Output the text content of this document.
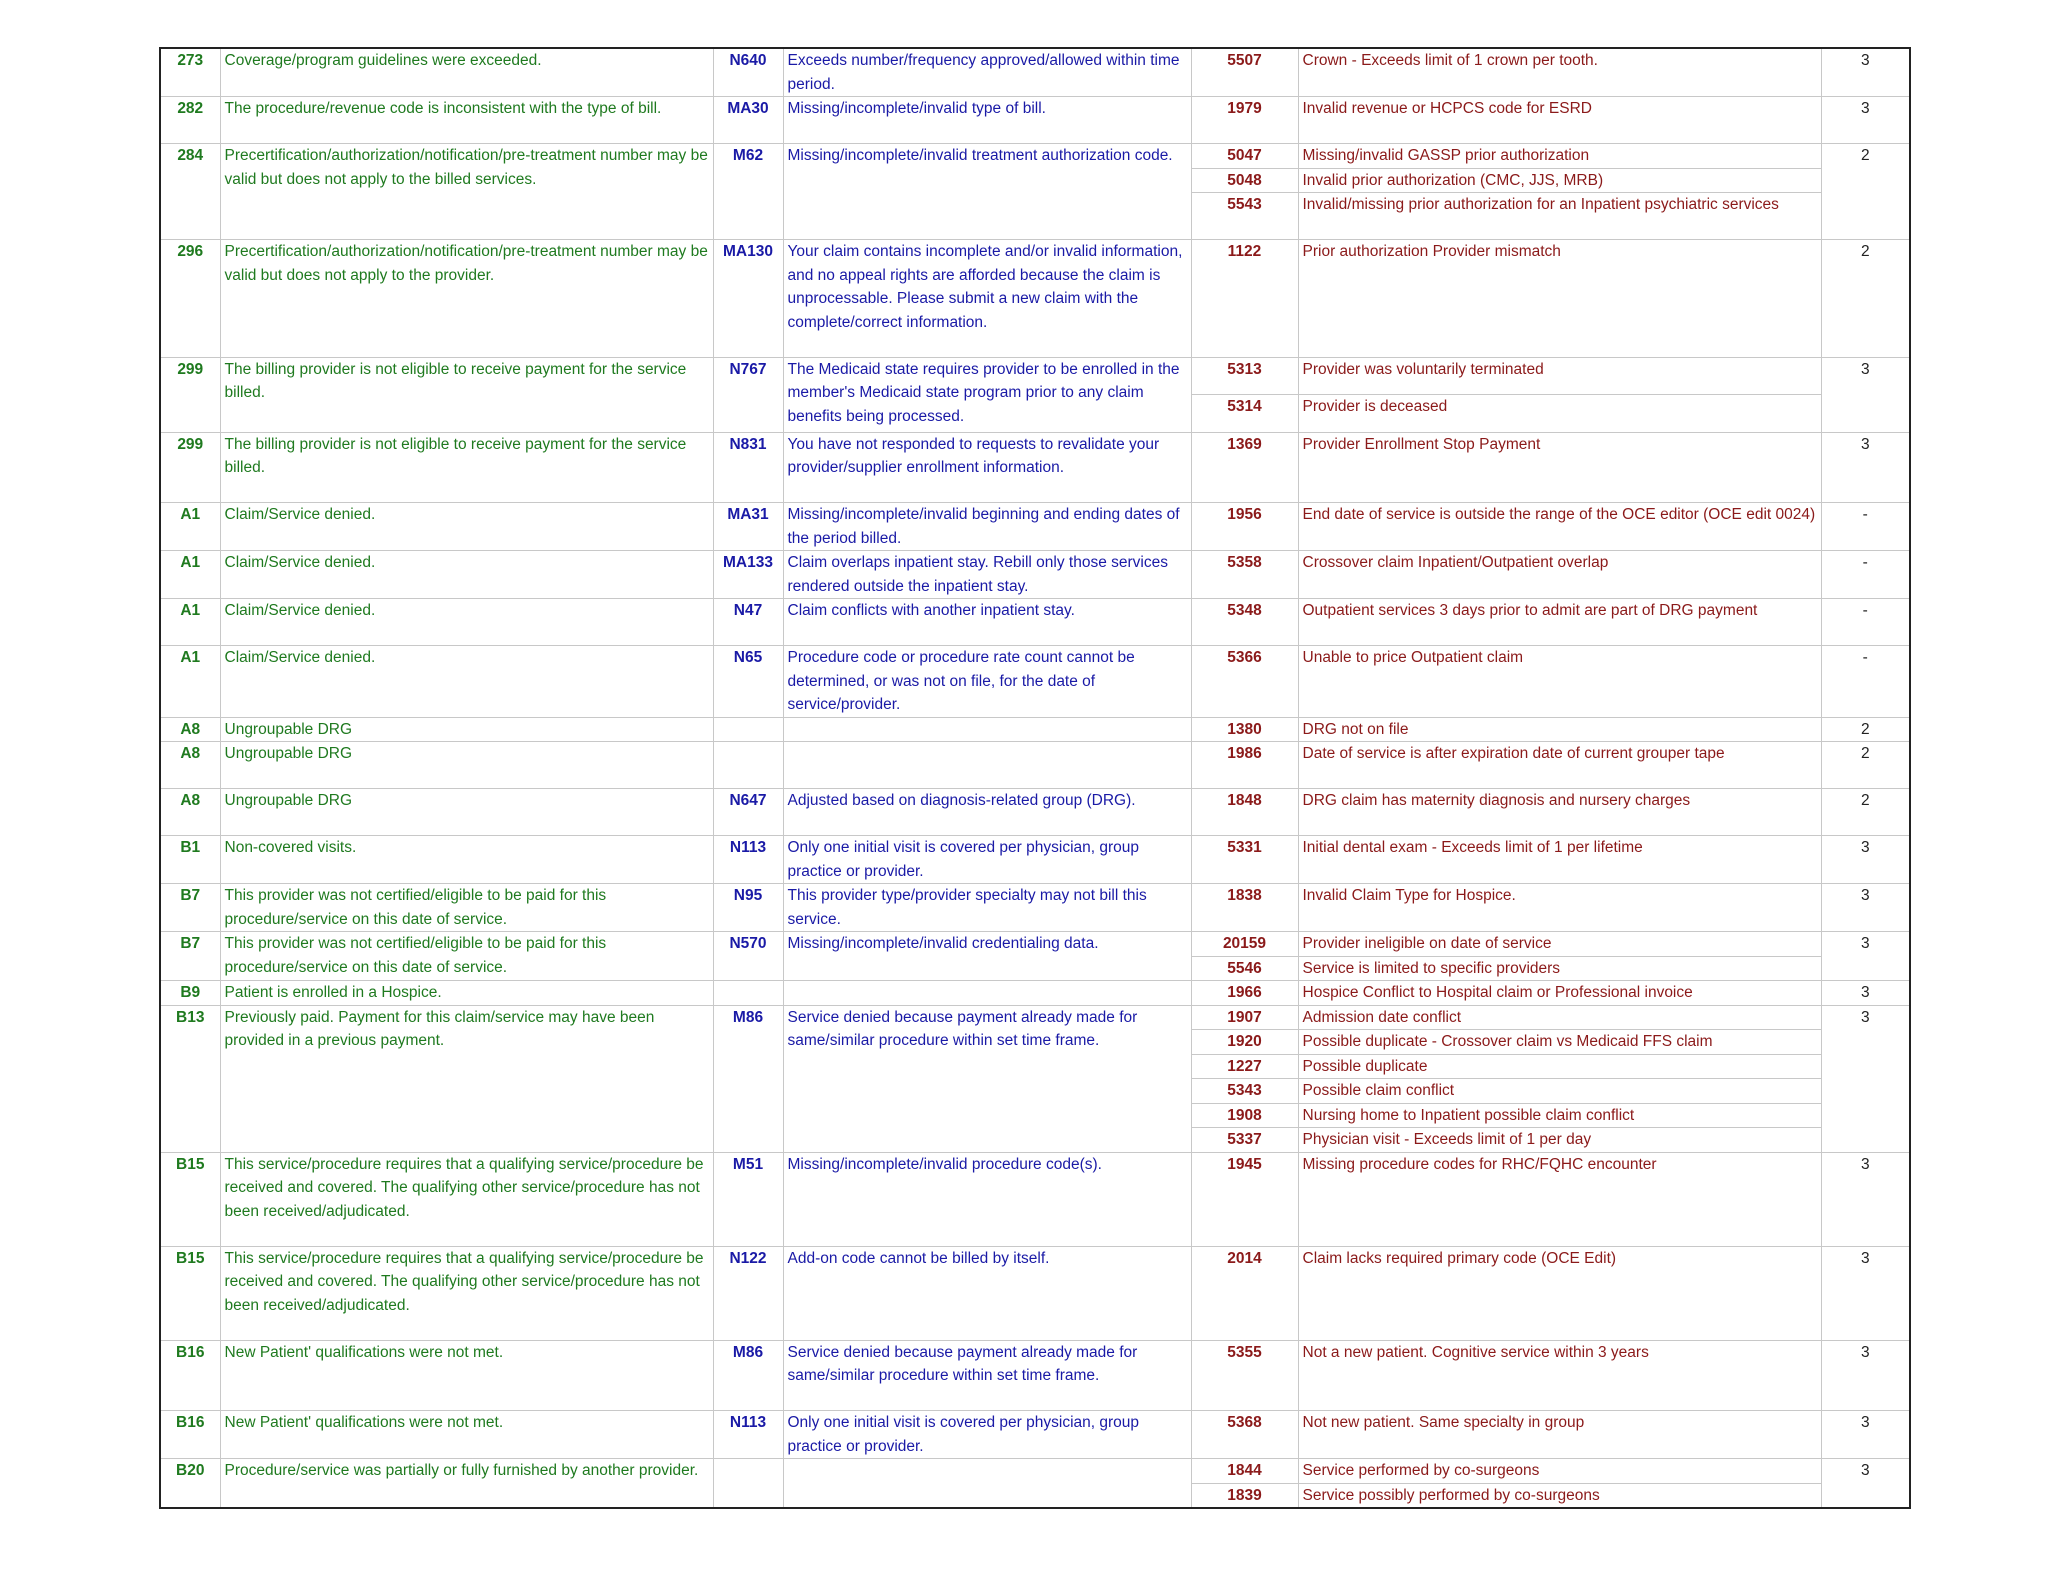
273	Coverage/program guidelines were exceeded.	N640	Exceeds number/frequency approved/allowed within time period.	5507	Crown - Exceeds limit of 1 crown per tooth.	3
282	The procedure/revenue code is inconsistent with the type of bill.	MA30	Missing/incomplete/invalid type of bill.	1979	Invalid revenue or HCPCS code for ESRD	3
284	Precertification/authorization/notification/pre-treatment number may be valid but does not apply to the billed services.	M62	Missing/incomplete/invalid treatment authorization code.	5047	Missing/invalid GASSP prior authorization	2
				5048	Invalid prior authorization (CMC, JJS, MRB)	
				5543	Invalid/missing prior authorization for an Inpatient psychiatric services	
296	Precertification/authorization/notification/pre-treatment number may be valid but does not apply to the provider.	MA130	Your claim contains incomplete and/or invalid information, and no appeal rights are afforded because the claim is unprocessable. Please submit a new claim with the complete/correct information.	1122	Prior authorization Provider mismatch	2
299	The billing provider is not eligible to receive payment for the service billed.	N767	The Medicaid state requires provider to be enrolled in the member's Medicaid state program prior to any claim benefits being processed.	5313	Provider was voluntarily terminated	3
				5314	Provider is deceased	
299	The billing provider is not eligible to receive payment for the service billed.	N831	You have not responded to requests to revalidate your provider/supplier enrollment information.	1369	Provider Enrollment Stop Payment	3
A1	Claim/Service denied.	MA31	Missing/incomplete/invalid beginning and ending dates of the period billed.	1956	End date of service is outside the range of the OCE editor (OCE edit 0024)	-
A1	Claim/Service denied.	MA133	Claim overlaps inpatient stay. Rebill only those services rendered outside the inpatient stay.	5358	Crossover claim Inpatient/Outpatient overlap	-
A1	Claim/Service denied.	N47	Claim conflicts with another inpatient stay.	5348	Outpatient services 3 days prior to admit are part of DRG payment	-
A1	Claim/Service denied.	N65	Procedure code or procedure rate count cannot be determined, or was not on file, for the date of service/provider.	5366	Unable to price Outpatient claim	-
A8	Ungroupable DRG			1380	DRG not on file	2
A8	Ungroupable DRG			1986	Date of service is after expiration date of current grouper tape	2
A8	Ungroupable DRG	N647	Adjusted based on diagnosis-related group (DRG).	1848	DRG claim has maternity diagnosis and nursery charges	2
B1	Non-covered visits.	N113	Only one initial visit is covered per physician, group practice or provider.	5331	Initial dental exam - Exceeds limit of 1 per lifetime	3
B7	This provider was not certified/eligible to be paid for this procedure/service on this date of service.	N95	This provider type/provider specialty may not bill this service.	1838	Invalid Claim Type for Hospice.	3
B7	This provider was not certified/eligible to be paid for this procedure/service on this date of service.	N570	Missing/incomplete/invalid credentialing data.	20159	Provider ineligible on date of service	3
				5546	Service is limited to specific providers	
B9	Patient is enrolled in a Hospice.			1966	Hospice Conflict to Hospital claim or Professional invoice	3
B13	Previously paid. Payment for this claim/service may have been provided in a previous payment.	M86	Service denied because payment already made for same/similar procedure within set time frame.	1907	Admission date conflict	3
				1920	Possible duplicate - Crossover claim vs Medicaid FFS claim	
				1227	Possible duplicate	
				5343	Possible claim conflict	
				1908	Nursing home to Inpatient possible claim conflict	
				5337	Physician visit - Exceeds limit of 1 per day	
B15	This service/procedure requires that a qualifying service/procedure be received and covered. The qualifying other service/procedure has not been received/adjudicated.	M51	Missing/incomplete/invalid procedure code(s).	1945	Missing procedure codes for RHC/FQHC encounter	3
B15	This service/procedure requires that a qualifying service/procedure be received and covered. The qualifying other service/procedure has not been received/adjudicated.	N122	Add-on code cannot be billed by itself.	2014	Claim lacks required primary code (OCE Edit)	3
B16	New Patient' qualifications were not met.	M86	Service denied because payment already made for same/similar procedure within set time frame.	5355	Not a new patient. Cognitive service within 3 years	3
B16	New Patient' qualifications were not met.	N113	Only one initial visit is covered per physician, group practice or provider.	5368	Not new patient. Same specialty in group	3
B20	Procedure/service was partially or fully furnished by another provider.			1844	Service performed by co-surgeons	3
				1839	Service possibly performed by co-surgeons	
